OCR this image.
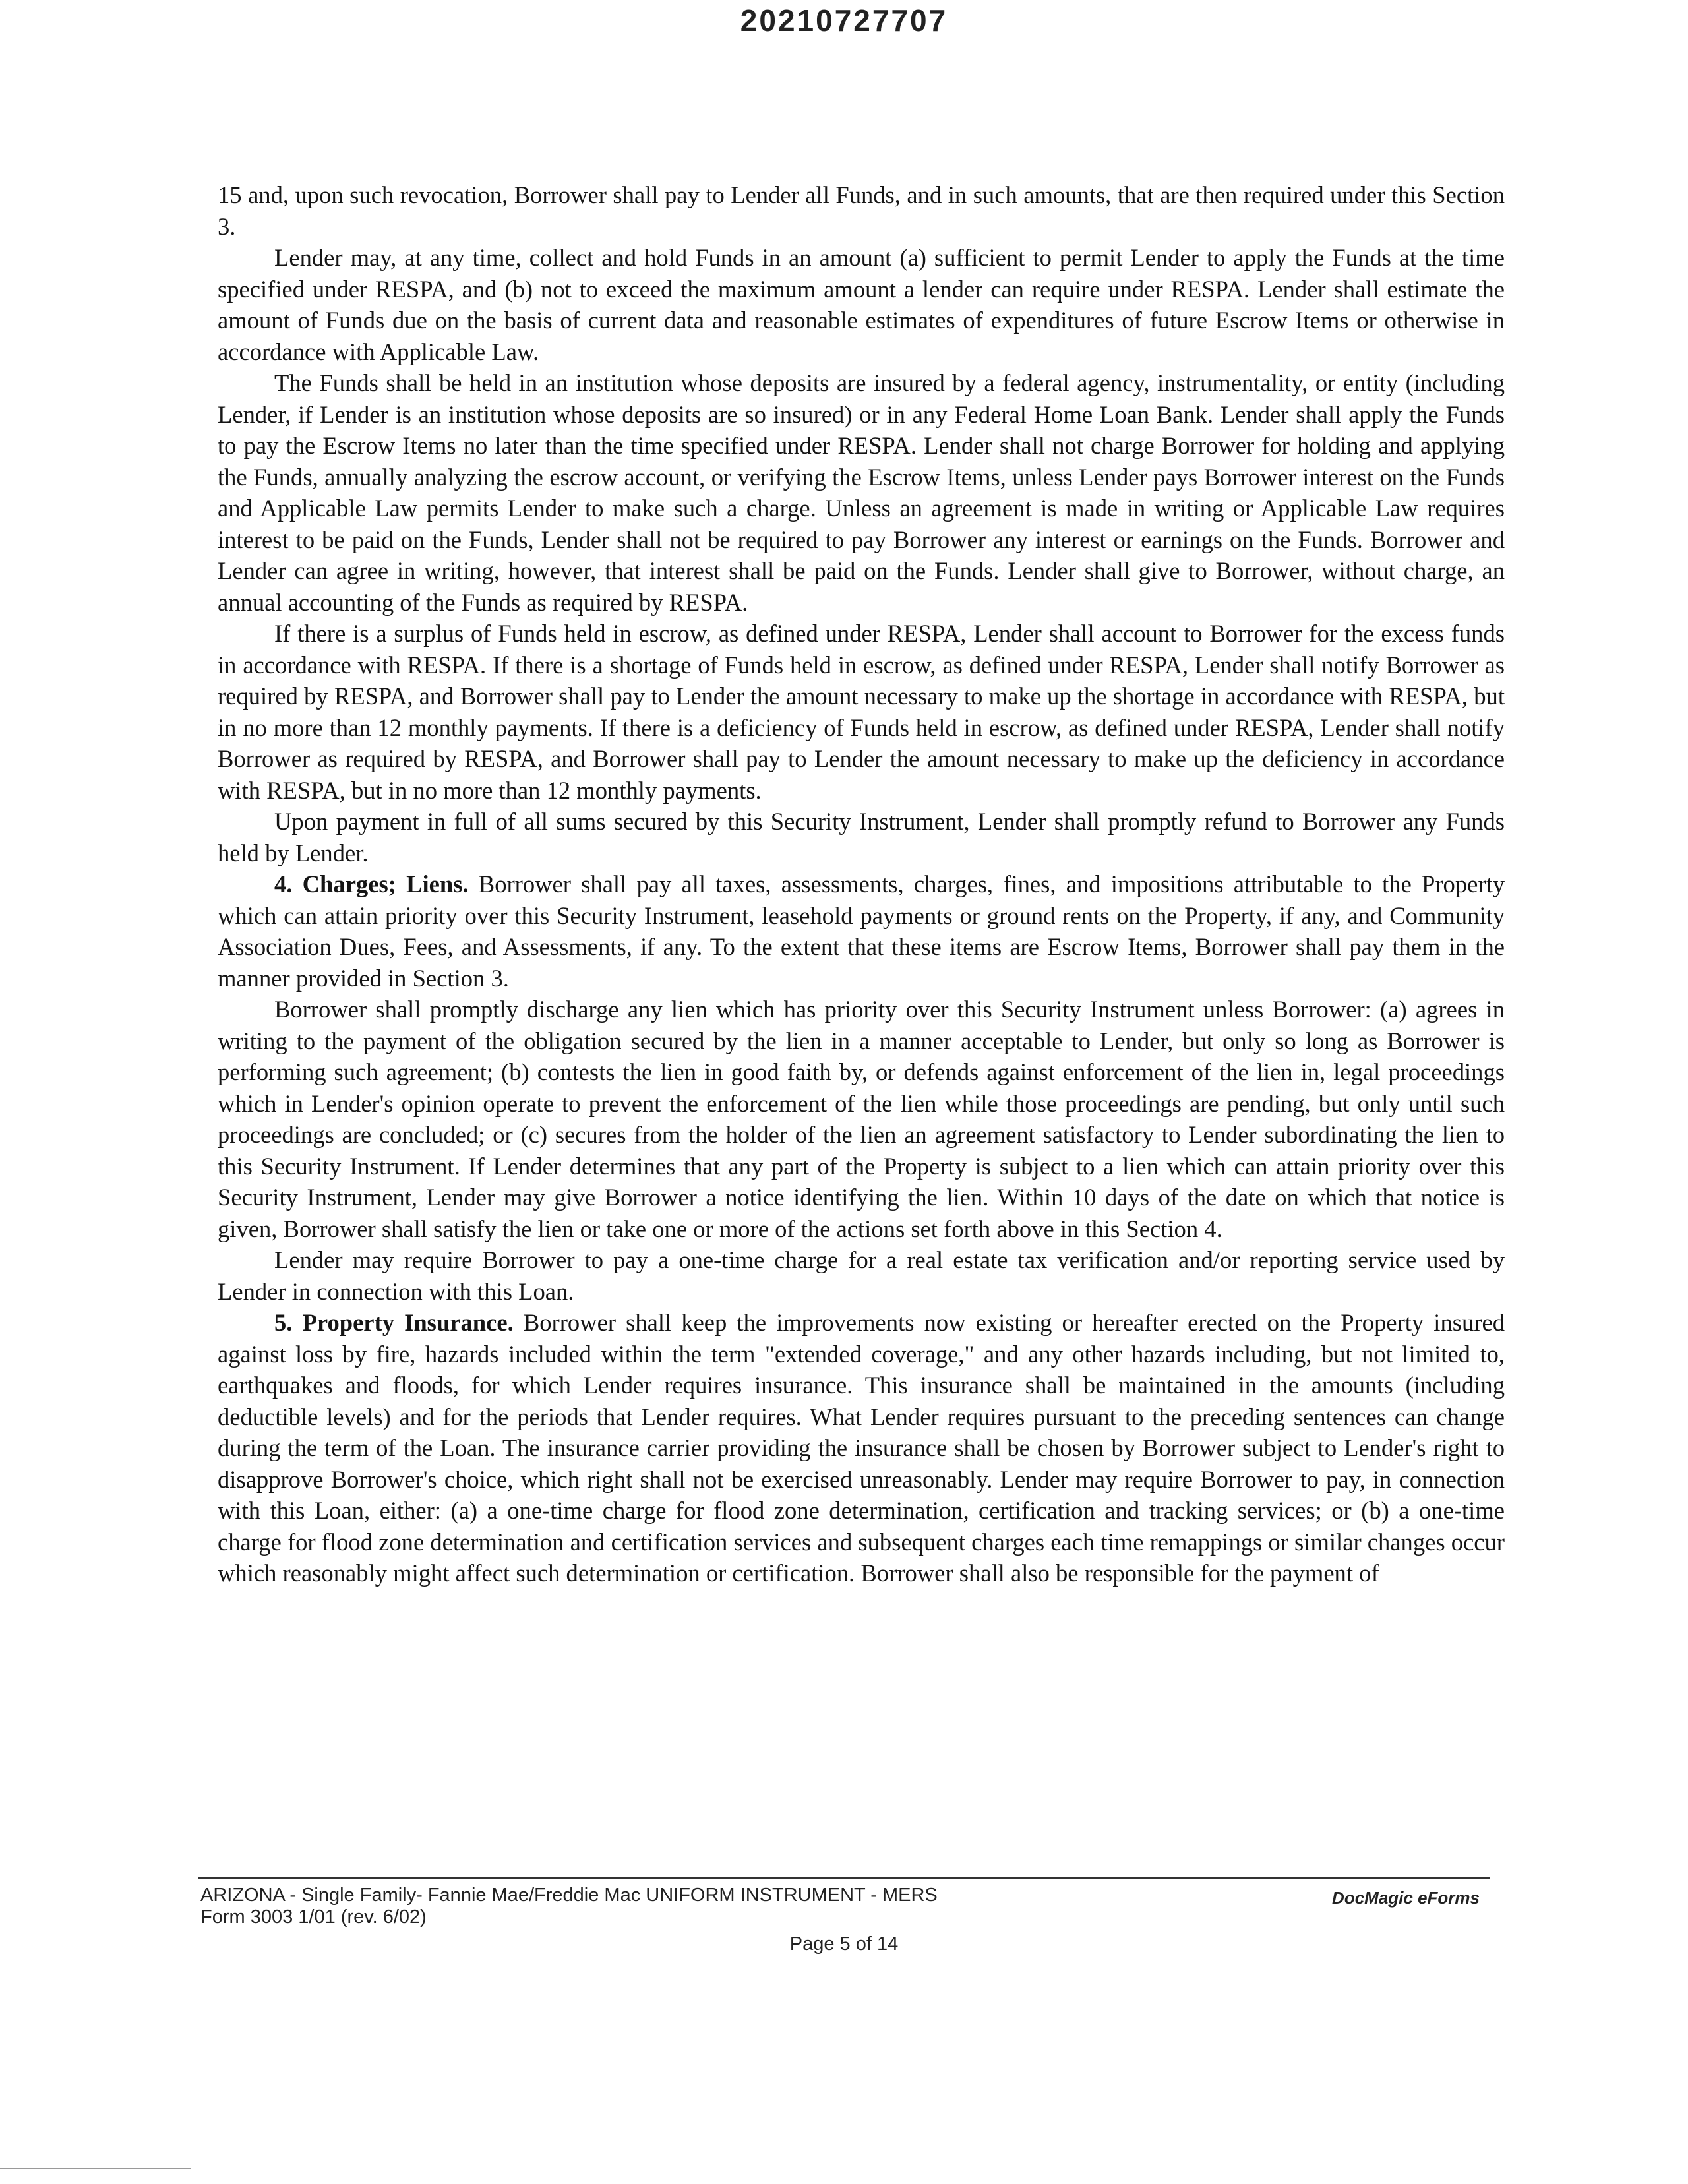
20210727707

15 and, upon such revocation, Borrower shall pay to Lender all Funds, and in such amounts, that are then required under this Section 3.

Lender may, at any time, collect and hold Funds in an amount (a) sufficient to permit Lender to apply the Funds at the time specified under RESPA, and (b) not to exceed the maximum amount a lender can require under RESPA. Lender shall estimate the amount of Funds due on the basis of current data and reasonable estimates of expenditures of future Escrow Items or otherwise in accordance with Applicable Law.

The Funds shall be held in an institution whose deposits are insured by a federal agency, instrumentality, or entity (including Lender, if Lender is an institution whose deposits are so insured) or in any Federal Home Loan Bank. Lender shall apply the Funds to pay the Escrow Items no later than the time specified under RESPA. Lender shall not charge Borrower for holding and applying the Funds, annually analyzing the escrow account, or verifying the Escrow Items, unless Lender pays Borrower interest on the Funds and Applicable Law permits Lender to make such a charge. Unless an agreement is made in writing or Applicable Law requires interest to be paid on the Funds, Lender shall not be required to pay Borrower any interest or earnings on the Funds. Borrower and Lender can agree in writing, however, that interest shall be paid on the Funds. Lender shall give to Borrower, without charge, an annual accounting of the Funds as required by RESPA.

If there is a surplus of Funds held in escrow, as defined under RESPA, Lender shall account to Borrower for the excess funds in accordance with RESPA. If there is a shortage of Funds held in escrow, as defined under RESPA, Lender shall notify Borrower as required by RESPA, and Borrower shall pay to Lender the amount necessary to make up the shortage in accordance with RESPA, but in no more than 12 monthly payments. If there is a deficiency of Funds held in escrow, as defined under RESPA, Lender shall notify Borrower as required by RESPA, and Borrower shall pay to Lender the amount necessary to make up the deficiency in accordance with RESPA, but in no more than 12 monthly payments.

Upon payment in full of all sums secured by this Security Instrument, Lender shall promptly refund to Borrower any Funds held by Lender.

4. Charges; Liens. Borrower shall pay all taxes, assessments, charges, fines, and impositions attributable to the Property which can attain priority over this Security Instrument, leasehold payments or ground rents on the Property, if any, and Community Association Dues, Fees, and Assessments, if any. To the extent that these items are Escrow Items, Borrower shall pay them in the manner provided in Section 3.

Borrower shall promptly discharge any lien which has priority over this Security Instrument unless Borrower: (a) agrees in writing to the payment of the obligation secured by the lien in a manner acceptable to Lender, but only so long as Borrower is performing such agreement; (b) contests the lien in good faith by, or defends against enforcement of the lien in, legal proceedings which in Lender's opinion operate to prevent the enforcement of the lien while those proceedings are pending, but only until such proceedings are concluded; or (c) secures from the holder of the lien an agreement satisfactory to Lender subordinating the lien to this Security Instrument. If Lender determines that any part of the Property is subject to a lien which can attain priority over this Security Instrument, Lender may give Borrower a notice identifying the lien. Within 10 days of the date on which that notice is given, Borrower shall satisfy the lien or take one or more of the actions set forth above in this Section 4.

Lender may require Borrower to pay a one-time charge for a real estate tax verification and/or reporting service used by Lender in connection with this Loan.

5. Property Insurance. Borrower shall keep the improvements now existing or hereafter erected on the Property insured against loss by fire, hazards included within the term "extended coverage," and any other hazards including, but not limited to, earthquakes and floods, for which Lender requires insurance. This insurance shall be maintained in the amounts (including deductible levels) and for the periods that Lender requires. What Lender requires pursuant to the preceding sentences can change during the term of the Loan. The insurance carrier providing the insurance shall be chosen by Borrower subject to Lender's right to disapprove Borrower's choice, which right shall not be exercised unreasonably. Lender may require Borrower to pay, in connection with this Loan, either: (a) a one-time charge for flood zone determination, certification and tracking services; or (b) a one-time charge for flood zone determination and certification services and subsequent charges each time remappings or similar changes occur which reasonably might affect such determination or certification. Borrower shall also be responsible for the payment of

ARIZONA - Single Family- Fannie Mae/Freddie Mac UNIFORM INSTRUMENT - MERS	DocMagic eForms
Form 3003 1/01 (rev. 6/02)
Page 5 of 14
